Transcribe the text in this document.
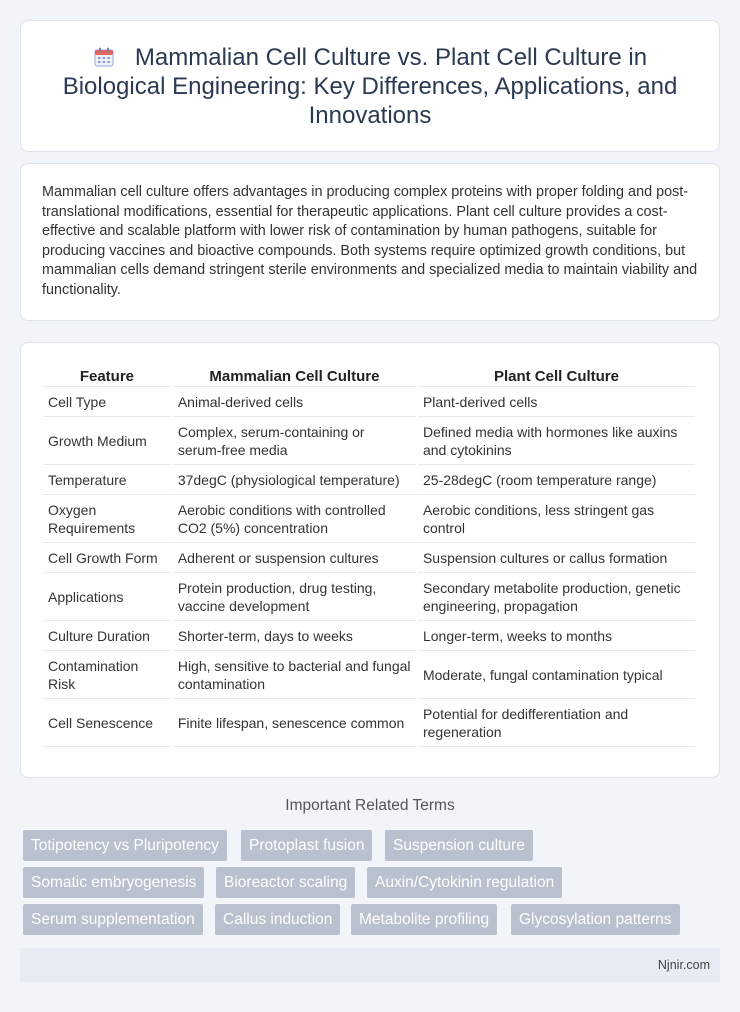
Mammalian Cell Culture vs. Plant Cell Culture in Biological Engineering: Key Differences, Applications, and Innovations

Mammalian cell culture offers advantages in producing complex proteins with proper folding and post-translational modifications, essential for therapeutic applications. Plant cell culture provides a cost-effective and scalable platform with lower risk of contamination by human pathogens, suitable for producing vaccines and bioactive compounds. Both systems require optimized growth conditions, but mammalian cells demand stringent sterile environments and specialized media to maintain viability and functionality.

Feature	Mammalian Cell Culture	Plant Cell Culture
Cell Type	Animal-derived cells	Plant-derived cells
Growth Medium	Complex, serum-containing or serum-free media	Defined media with hormones like auxins and cytokinins
Temperature	37degC (physiological temperature)	25-28degC (room temperature range)
Oxygen Requirements	Aerobic conditions with controlled CO2 (5%) concentration	Aerobic conditions, less stringent gas control
Cell Growth Form	Adherent or suspension cultures	Suspension cultures or callus formation
Applications	Protein production, drug testing, vaccine development	Secondary metabolite production, genetic engineering, propagation
Culture Duration	Shorter-term, days to weeks	Longer-term, weeks to months
Contamination Risk	High, sensitive to bacterial and fungal contamination	Moderate, fungal contamination typical
Cell Senescence	Finite lifespan, senescence common	Potential for dedifferentiation and regeneration
Important Related Terms
Totipotency vs Pluripotency	Protoplast fusion	Suspension culture
Somatic embryogenesis	Bioreactor scaling	Auxin/Cytokinin regulation
Serum supplementation	Callus induction	Metabolite profiling	Glycosylation patterns
Njnir.com
